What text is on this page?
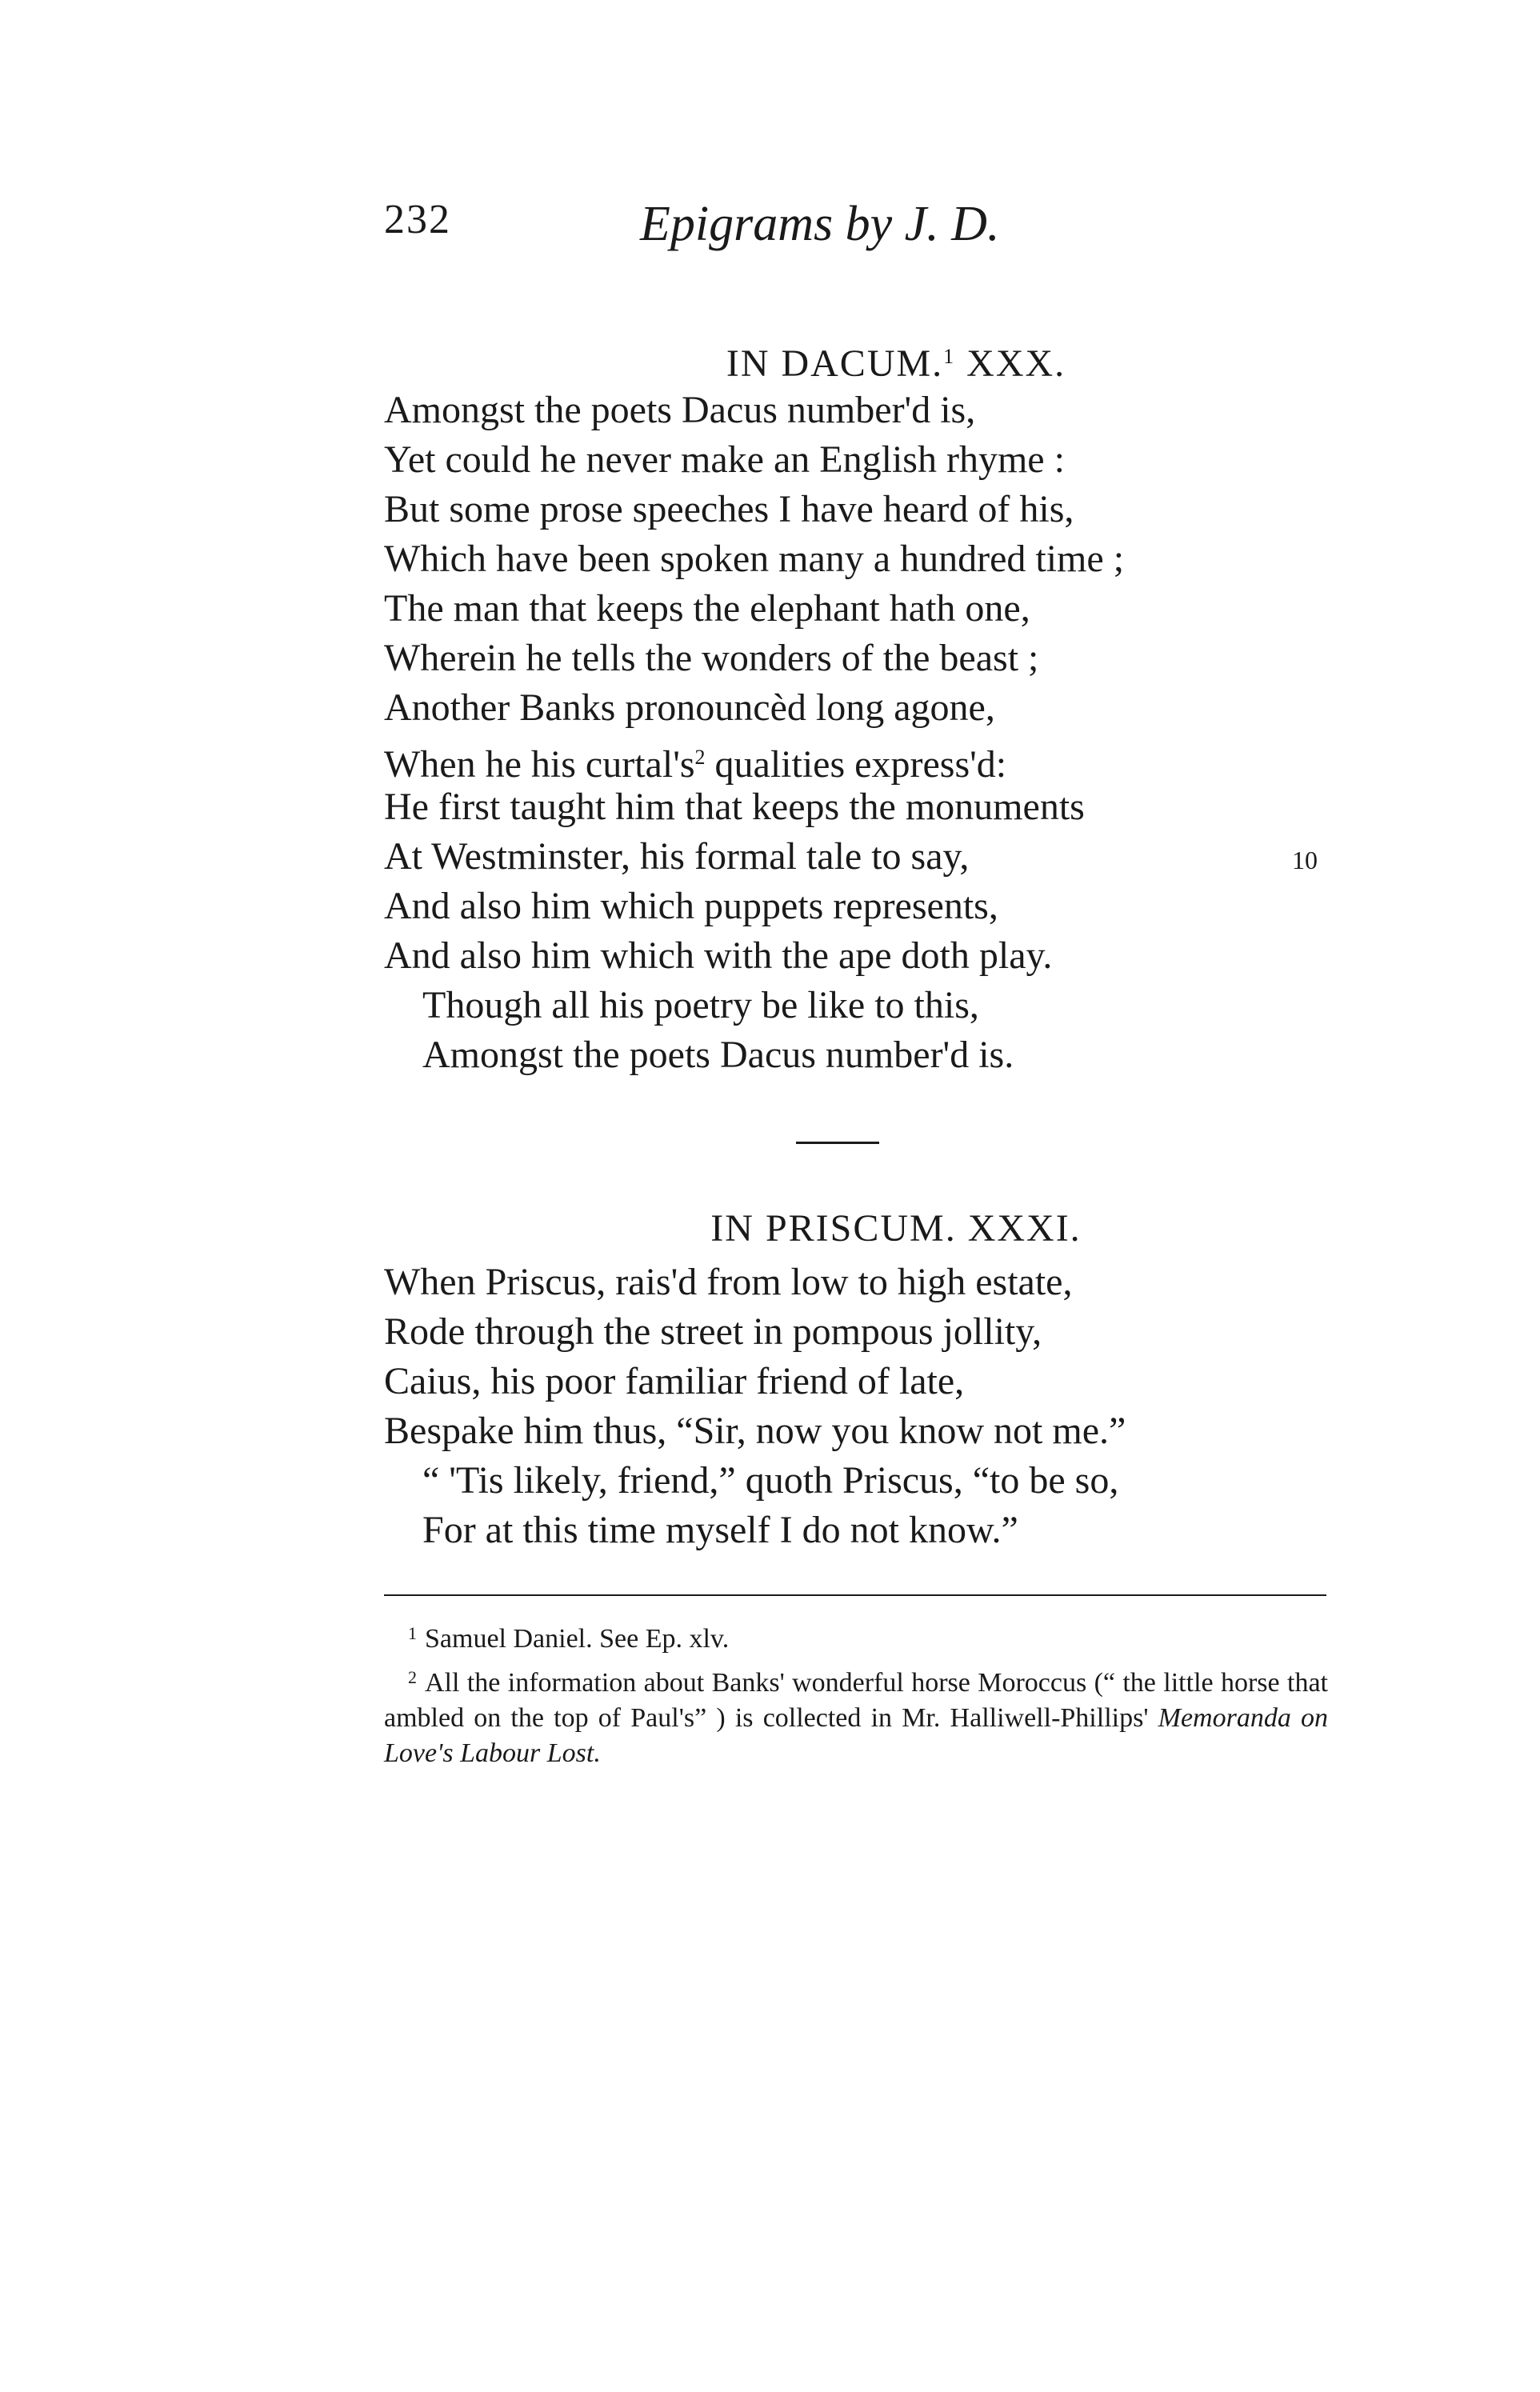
232	Epigrams by J. D.
IN DACUM.$^1$ XXX.
Amongst the poets Dacus number'd is,
Yet could he never make an English rhyme :
But some prose speeches I have heard of his,
Which have been spoken many a hundred time ;
The man that keeps the elephant hath one,
Wherein he tells the wonders of the beast ;
Another Banks pronouncèd long agone,
When he his $curtal's^2$ qualities express'd:
He first taught him that keeps the monuments
At Westminster, his formal tale to say,	10
And also him which puppets represents,
And also him which with the ape doth play.
Though all his poetry be like to this,
Amongst the poets Dacus number'd is.
IN PRISCUM. XXXI.
When Priscus, rais'd from low to high estate,
Rode through the street in pompous jollity,
Caius, his poor familiar friend of late,
Bespake him thus, “Sir, now you know not me.”
“ 'Tis likely, friend,” quoth Priscus, “to be so,
For at this time myself I do not know.”

$^1$ Samuel Daniel. See Ep. xlv.

$^2$ All the information about Banks' wonderful horse Moroccus (“ the little horse that ambled on the top of Paul's” ) is collected in Mr. Halliwell-Phillips' Memoranda on Love's Labour Lost.
